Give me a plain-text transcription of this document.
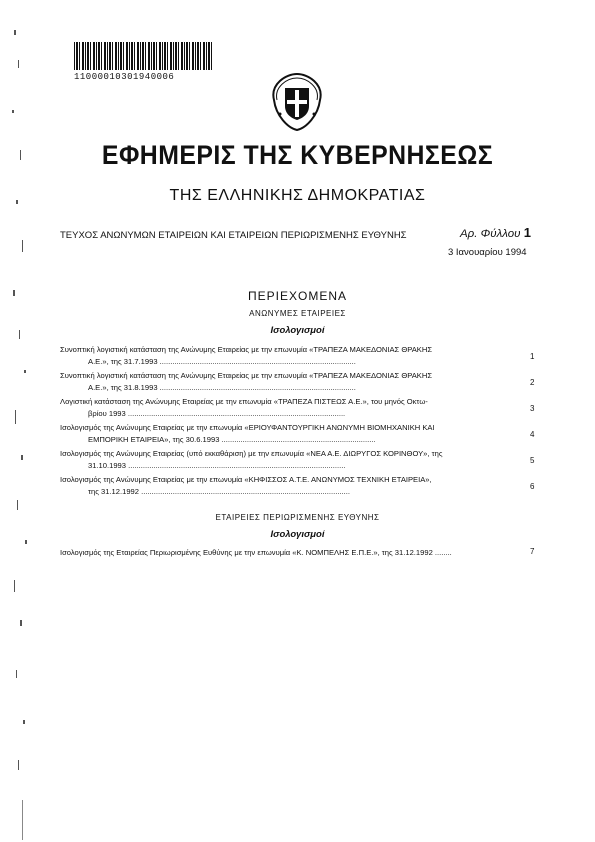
11000010301940006
ΕΦΗΜΕΡΙΣ ΤΗΣ ΚΥΒΕΡΝΗΣΕΩΣ
ΤΗΣ ΕΛΛΗΝΙΚΗΣ ΔΗΜΟΚΡΑΤΙΑΣ
ΤΕΥΧΟΣ ΑΝΩΝΥΜΩΝ ΕΤΑΙΡΕΙΩΝ ΚΑΙ ΕΤΑΙΡΕΙΩΝ ΠΕΡΙΩΡΙΣΜΕΝΗΣ ΕΥΘΥΝΗΣ	Αρ. Φύλλου 1
3 Ιανουαρίου 1994
ΠΕΡΙΕΧΟΜΕΝΑ
ΑΝΩΝΥΜΕΣ ΕΤΑΙΡΕΙΕΣ
Ισολογισμοί
Συνοπτική λογιστική κατάσταση της Ανώνυμης Εταιρείας με την επωνυμία «ΤΡΑΠΕΖΑ ΜΑΚΕΔΟΝΙΑΣ ΘΡΑΚΗΣ
Α.Ε.», της 31.7.1993 .............................................................................................
1
Συνοπτική λογιστική κατάσταση της Ανώνυμης Εταιρείας με την επωνυμία «ΤΡΑΠΕΖΑ ΜΑΚΕΔΟΝΙΑΣ ΘΡΑΚΗΣ
Α.Ε.», της 31.8.1993 .............................................................................................
2
Λογιστική κατάσταση της Ανώνυμης Εταιρείας με την επωνυμία «ΤΡΑΠΕΖΑ ΠΙΣΤΕΩΣ Α.Ε.», του μηνός Οκτω-
βρίου 1993 .......................................................................................................
3
Ισολογισμός της Ανώνυμης Εταιρείας με την επωνυμία «ΕΡΙΟΥΦΑΝΤΟΥΡΓΙΚΗ ΑΝΩΝΥΜΗ ΒΙΟΜΗΧΑΝΙΚΗ ΚΑΙ
ΕΜΠΟΡΙΚΗ ΕΤΑΙΡΕΙΑ», της 30.6.1993 .........................................................................
4
Ισολογισμός της Ανώνυμης Εταιρείας (υπό εκκαθάριση) με την επωνυμία «ΝΕΑ Α.Ε. ΔΙΩΡΥΓΟΣ ΚΟΡΙΝΘΟΥ», της
31.10.1993 .......................................................................................................
5
Ισολογισμός της Ανώνυμης Εταιρείας με την επωνυμία «ΚΗΦΙΣΣΟΣ Α.Τ.Ε. ΑΝΩΝΥΜΟΣ ΤΕΧΝΙΚΗ ΕΤΑΙΡΕΙΑ»,
της 31.12.1992 ...................................................................................................
6
ΕΤΑΙΡΕΙΕΣ ΠΕΡΙΩΡΙΣΜΕΝΗΣ ΕΥΘΥΝΗΣ
Ισολογισμοί
Ισολογισμός της Εταιρείας Περιωρισμένης Ευθύνης με την επωνυμία «Κ. ΝΟΜΠΕΛΗΣ Ε.Π.Ε.», της 31.12.1992 ........	7
